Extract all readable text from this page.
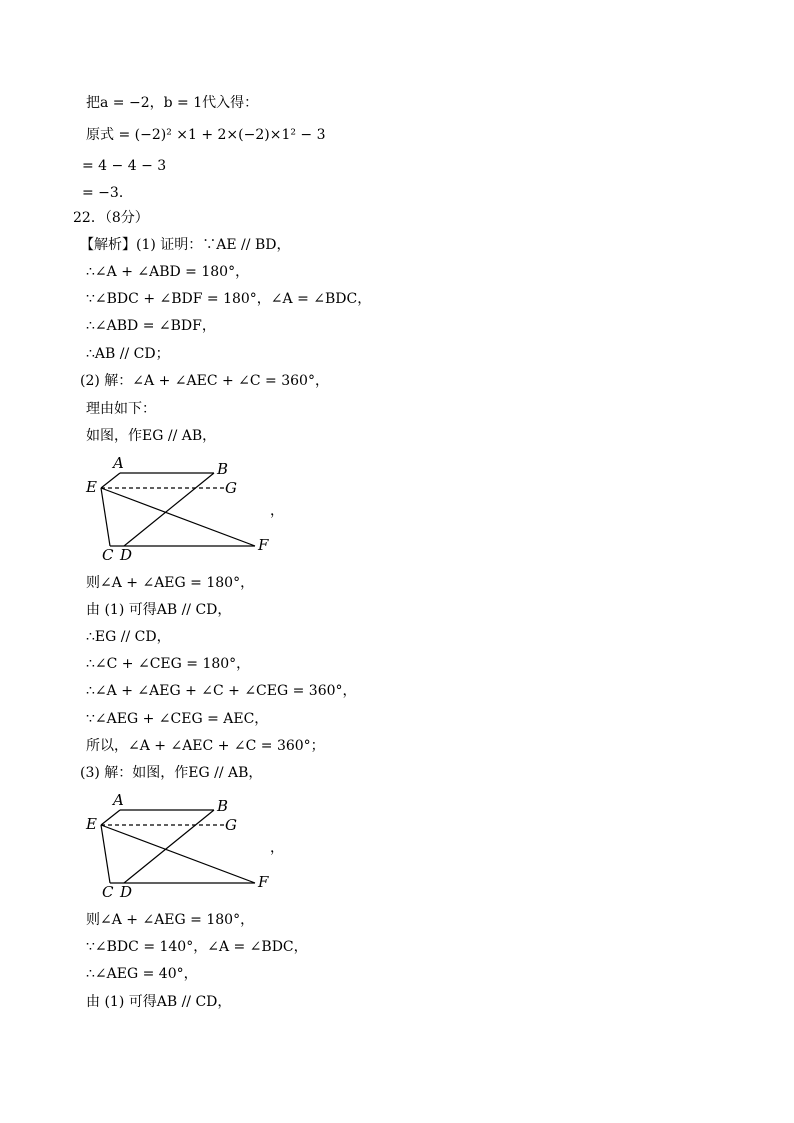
把a = −2，b = 1代入得：
原式 = (−2)² ×1 + 2×(−2)×1² − 3
= 4 − 4 − 3
= −3．
22．（8分）
【解析】(1) 证明：∵AE // BD，
∴∠A + ∠ABD = 180°，
∵∠BDC + ∠BDF = 180°，∠A = ∠BDC，
∴∠ABD = ∠BDF，
∴AB // CD；
(2) 解：∠A + ∠AEC + ∠C = 360°，
理由如下：
如图，作EG // AB，
A	B
E	G
C D
F
，
则∠A + ∠AEG = 180°，
由 (1) 可得AB // CD，
∴EG // CD，
∴∠C + ∠CEG = 180°，
∴∠A + ∠AEG + ∠C + ∠CEG = 360°，
∵∠AEG + ∠CEG = AEC，
所以，∠A + ∠AEC + ∠C = 360°；
(3) 解：如图，作EG // AB，
A	B
E	G
C D
F
，
则∠A + ∠AEG = 180°，
∵∠BDC = 140°，∠A = ∠BDC，
∴∠AEG = 40°，
由 (1) 可得AB // CD，
